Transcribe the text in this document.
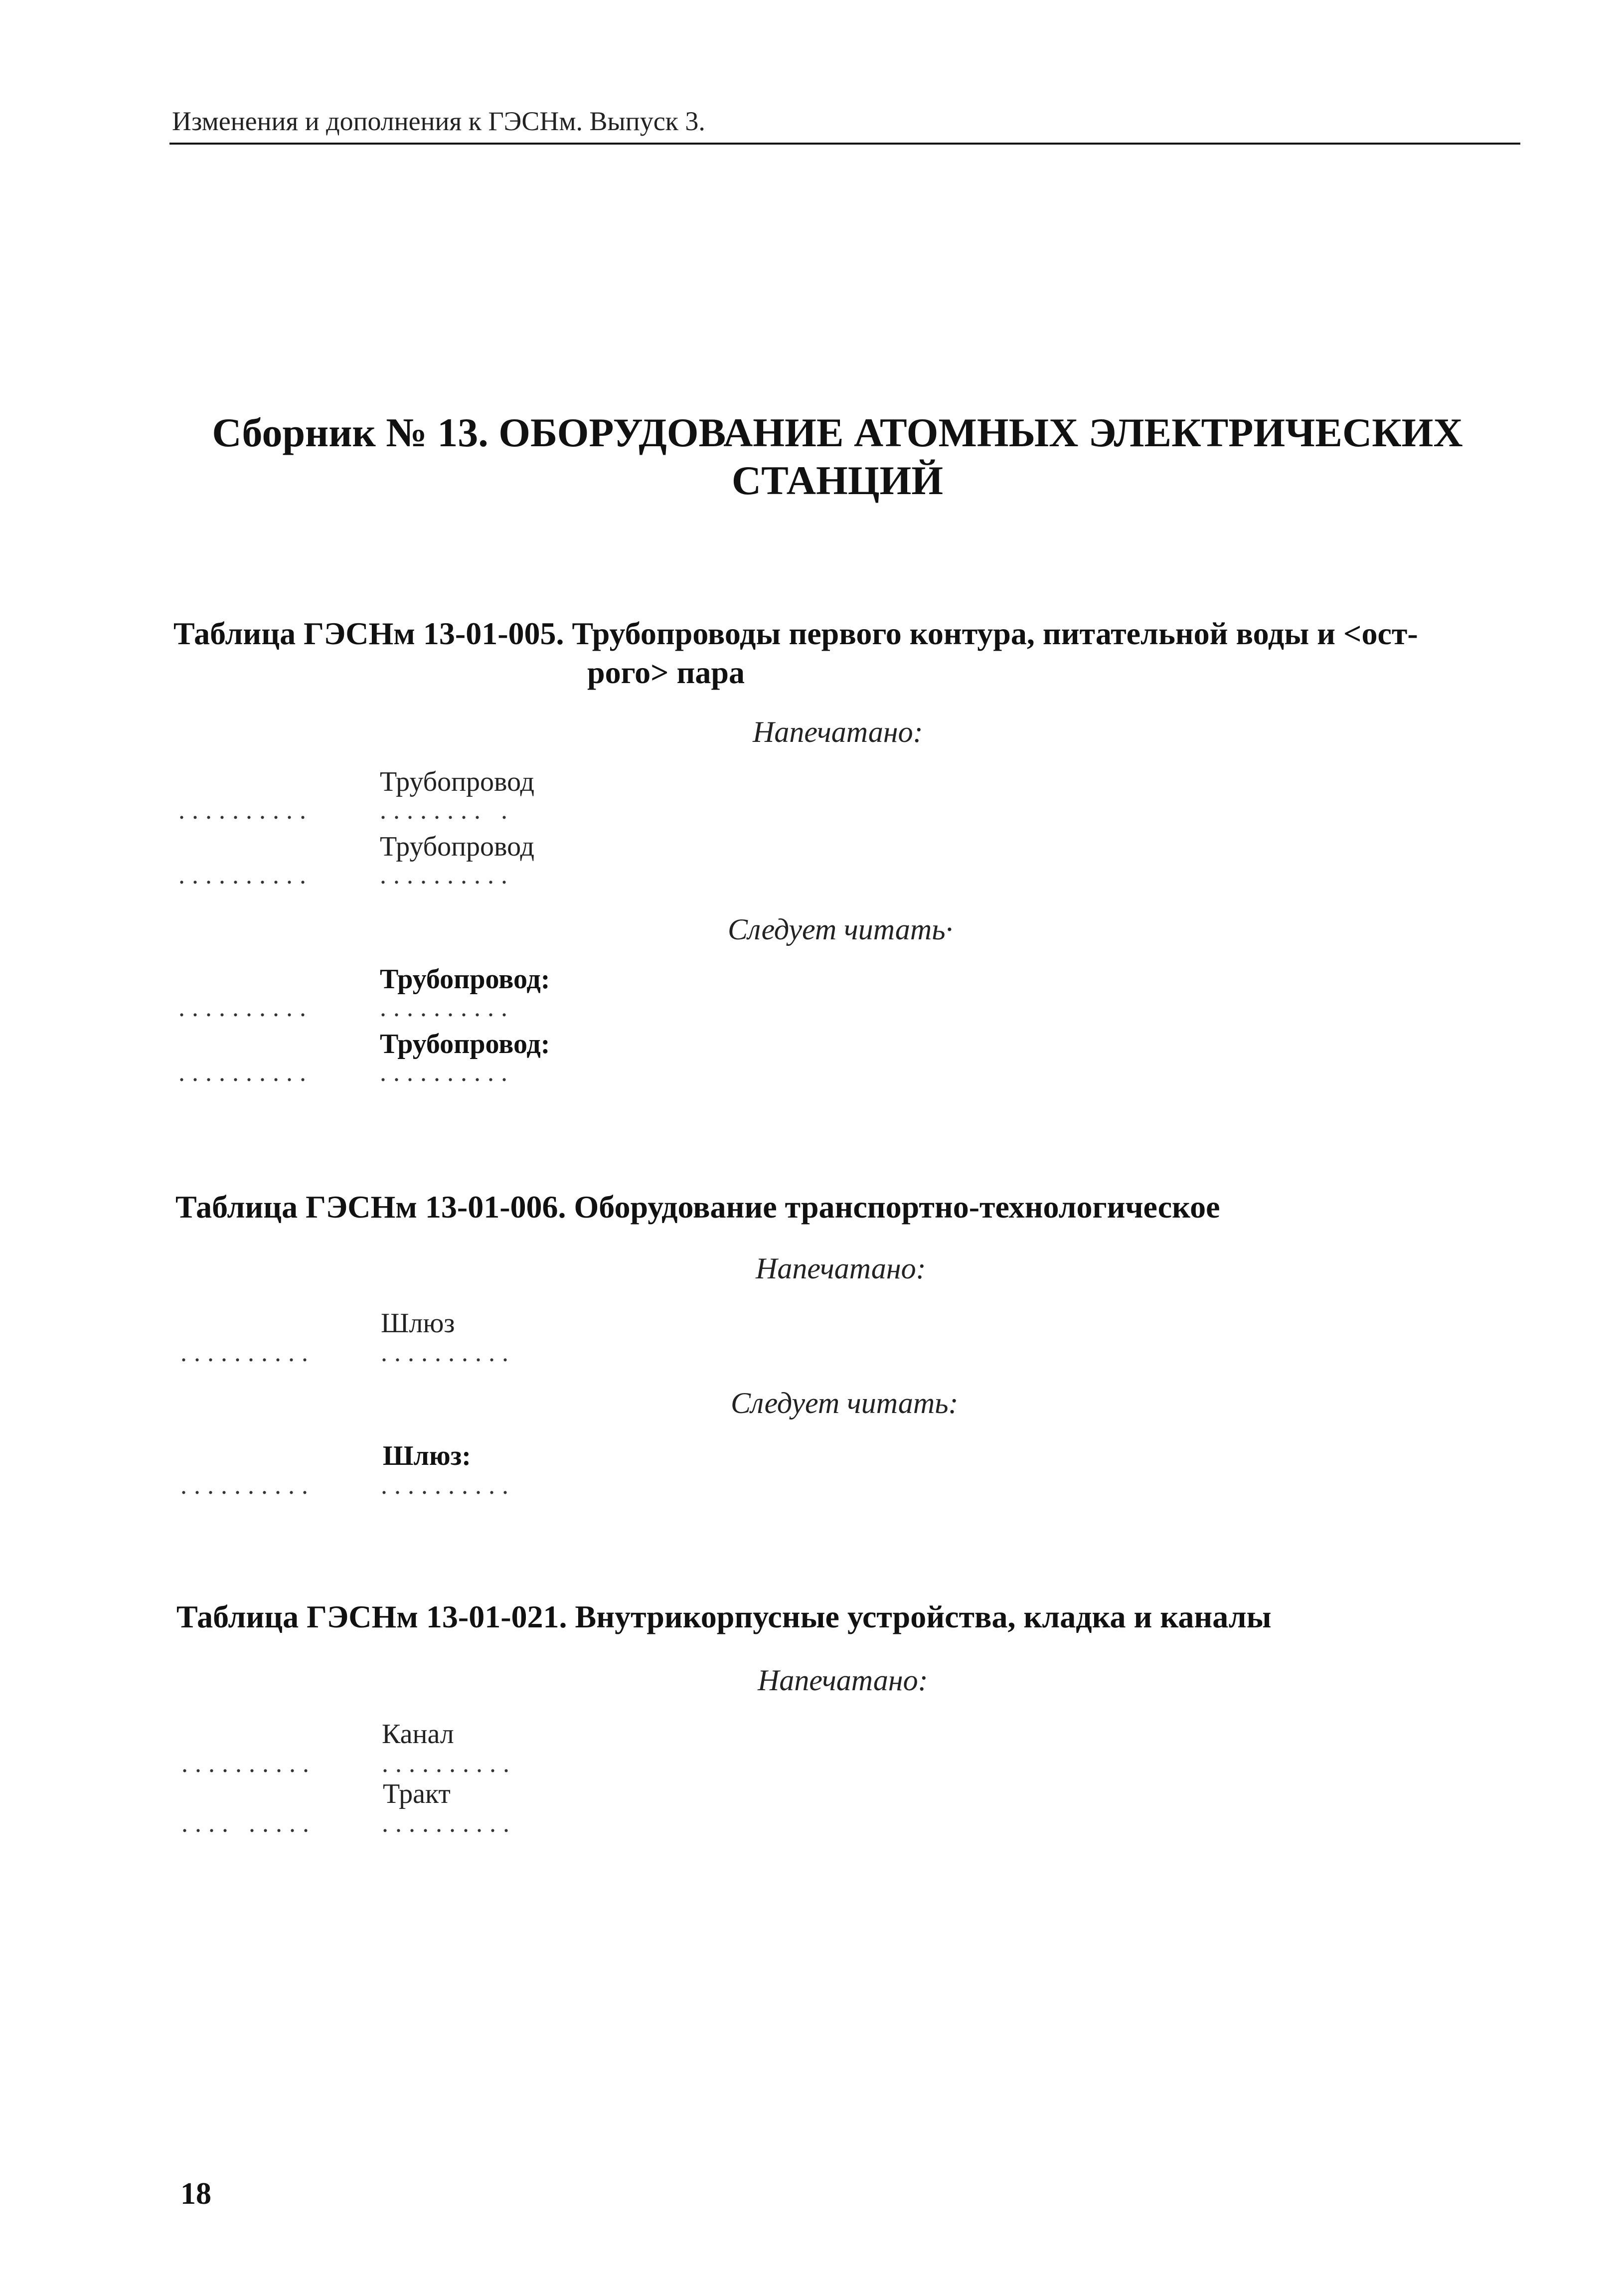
Изменения и дополнения к ГЭСНм. Выпуск 3.
Сборник № 13. ОБОРУДОВАНИЕ АТОМНЫХ ЭЛЕКТРИЧЕСКИХ
СТАНЦИЙ
Таблица ГЭСНм 13-01-005. Трубопроводы первого контура, питательной воды и <ост-
рого> пара
Напечатано:
Трубопровод
..........	........ .
Трубопровод
..........	..........
Следует читать·
Трубопровод:
..........	..........
Трубопровод:
..........	..........
Таблица ГЭСНм 13-01-006. Оборудование транспортно-технологическое
Напечатано:
Шлюз
..........	..........
Следует читать:
Шлюз:
..........	..........
Таблица ГЭСНм 13-01-021. Внутрикорпусные устройства, кладка и каналы
Напечатано:
Канал
..........	..........
Тракт
.... .....	..........
18
